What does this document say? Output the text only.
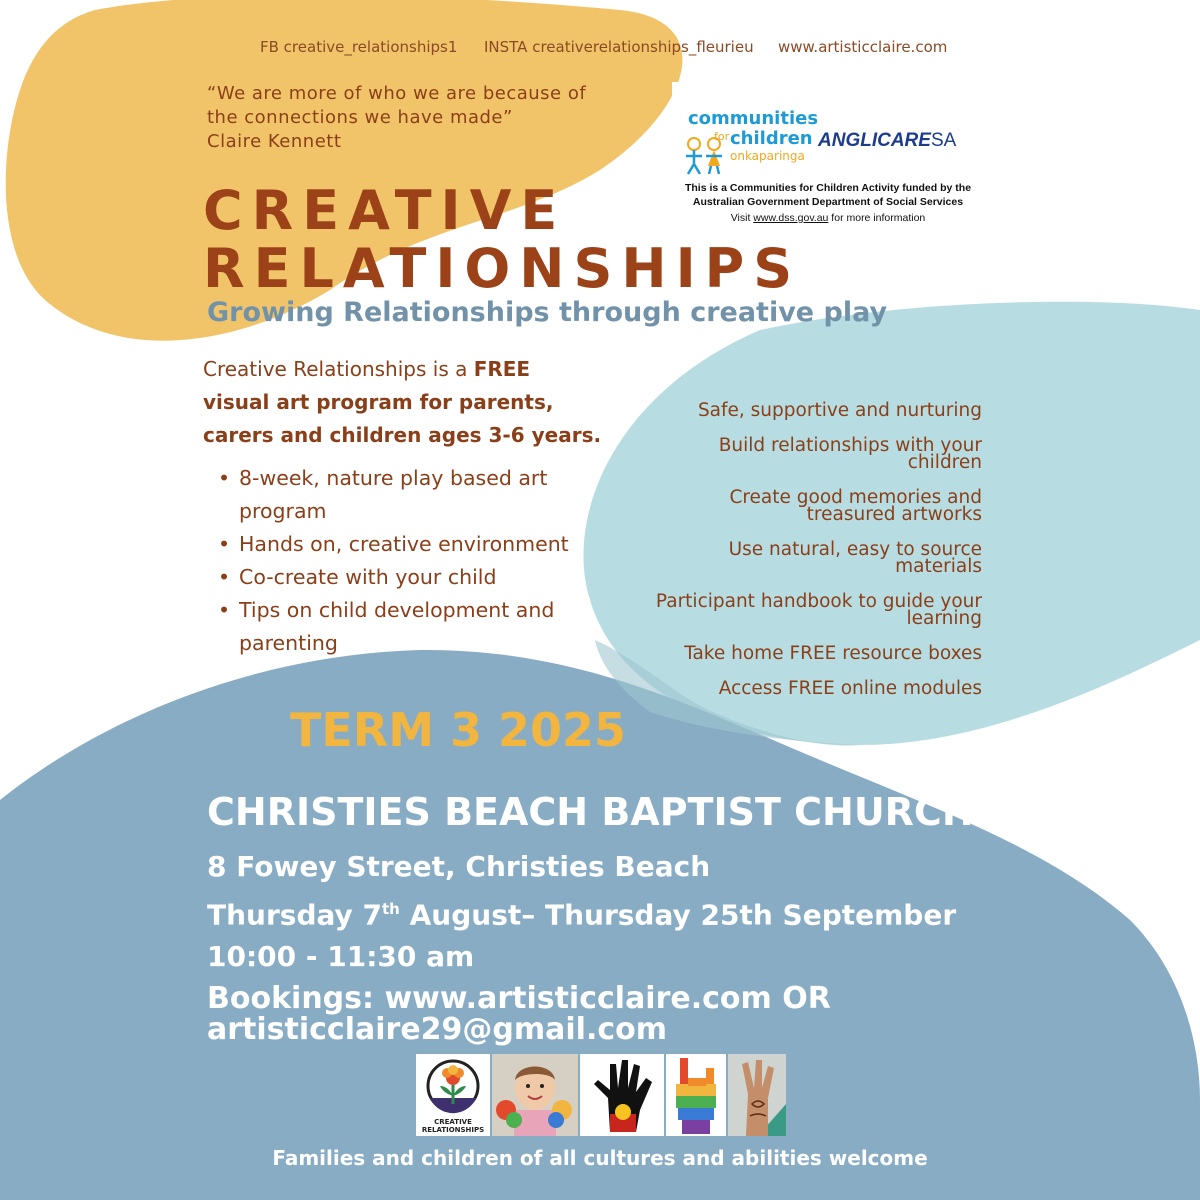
FB creative_relationships1 INSTA creativerelationships_fleurieu www.artisticclaire.com
“We are more of who we are because of
the connections we have made”
Claire Kennett
communities
for children
onkaparinga
ANGLICARESA
This is a Communities for Children Activity funded by the
Australian Government Department of Social Services
Visit www.dss.gov.au for more information
CREATIVE
RELATIONSHIPS
Growing Relationships through creative play
Creative Relationships is a FREE
visual art program for parents,
carers and children ages 3-6 years.
• 8-week, nature play based art program
• Hands on, creative environment
• Co-create with your child
• Tips on child development and parenting
Safe, supportive and nurturing
Build relationships with your
children
Create good memories and
treasured artworks
Use natural, easy to source
materials
Participant handbook to guide your
learning
Take home FREE resource boxes
Access FREE online modules
TERM 3 2025
CHRISTIES BEACH BAPTIST CHURCH
8 Fowey Street, Christies Beach
Thursday 7th August– Thursday 25th September
10:00 - 11:30 am
Bookings: www.artisticclaire.com OR
artisticclaire29@gmail.com
CREATIVE RELATIONSHIPS
Families and children of all cultures and abilities welcome
